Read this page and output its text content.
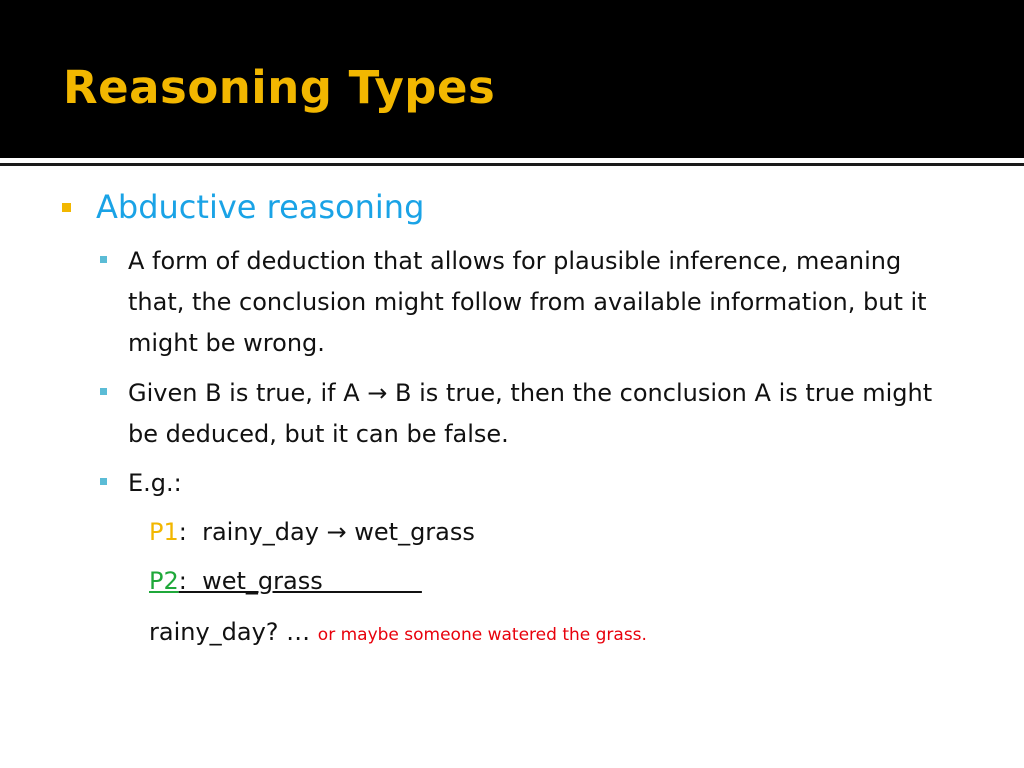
Reasoning Types
Abductive reasoning
A form of deduction that allows for plausible inference, meaning that, the conclusion might follow from available information, but it might be wrong.
Given B is true, if A → B is true, then the conclusion A is true might be deduced, but it can be false.
E.g.:
P1:  rainy_day → wet_grass
P2:  wet_grass
rainy_day? … or maybe someone watered the grass.
